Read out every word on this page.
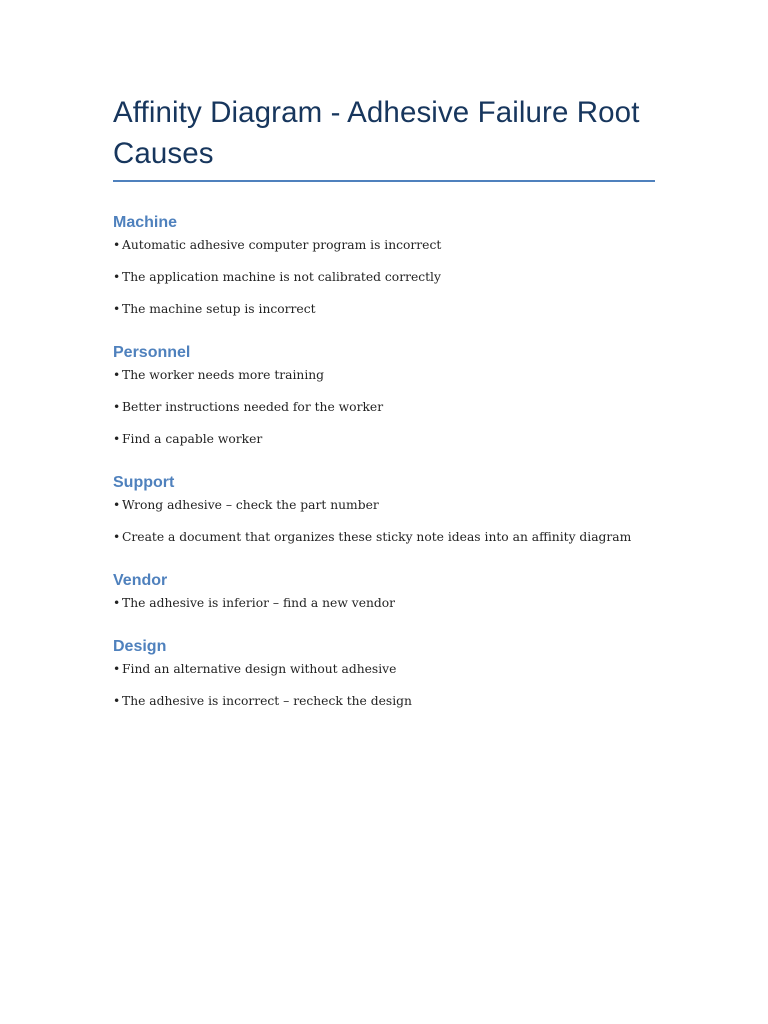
Affinity Diagram - Adhesive Failure Root Causes
Machine

• Automatic adhesive computer program is incorrect

• The application machine is not calibrated correctly

• The machine setup is incorrect

Personnel

• The worker needs more training

• Better instructions needed for the worker

• Find a capable worker

Support

• Wrong adhesive – check the part number

• Create a document that organizes these sticky note ideas into an affinity diagram

Vendor

• The adhesive is inferior – find a new vendor

Design

• Find an alternative design without adhesive

• The adhesive is incorrect – recheck the design
